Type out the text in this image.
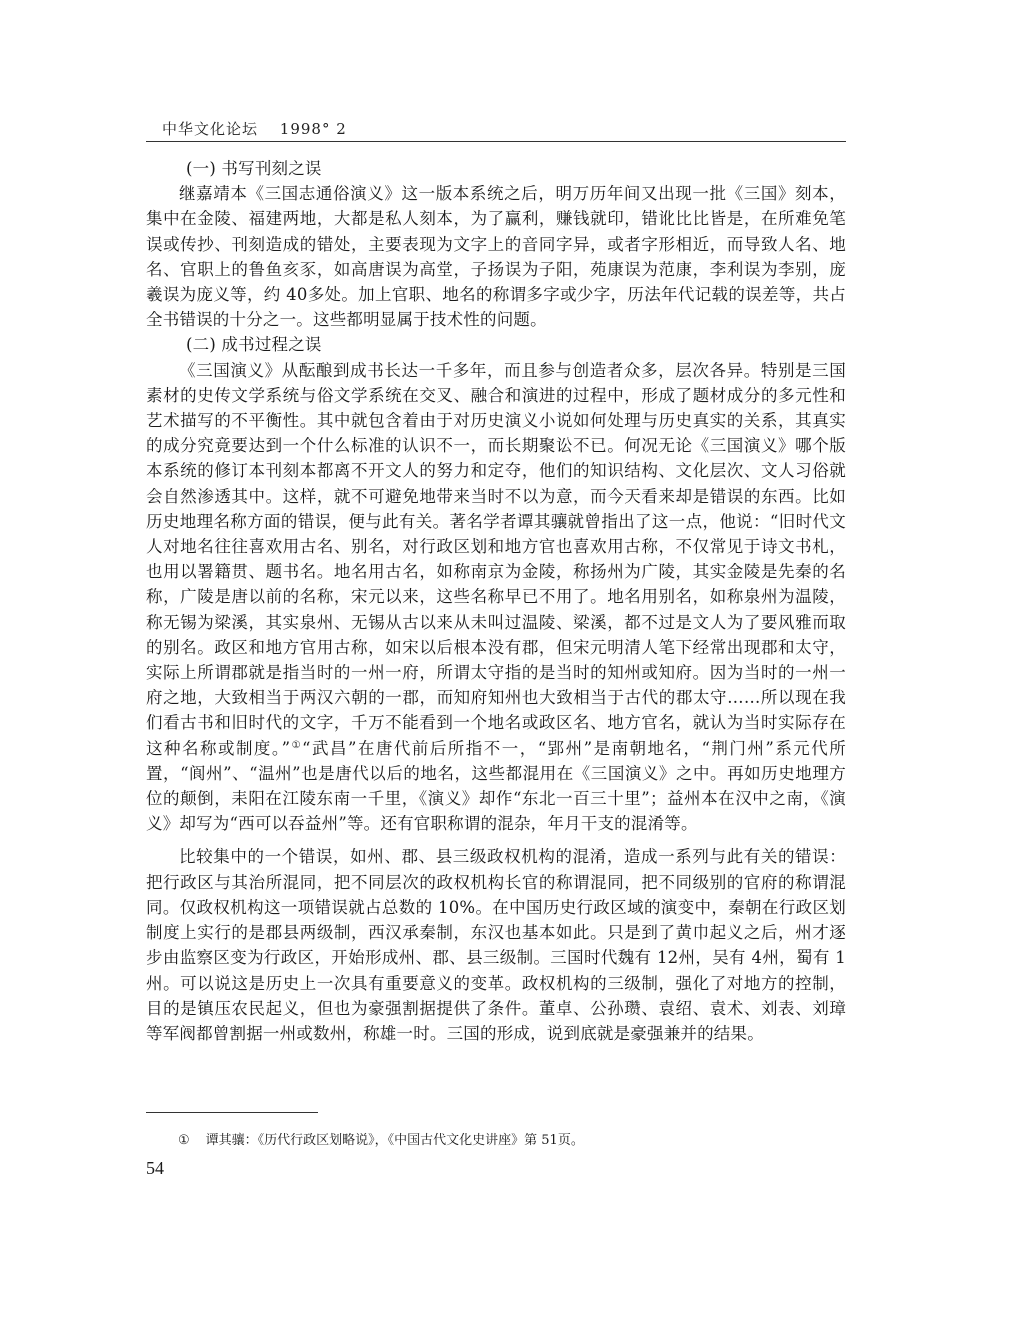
中华文化论坛 1998° 2

(一) 书写刊刻之误

继嘉靖本《三国志通俗演义》这一版本系统之后，明万历年间又出现一批《三国》刻本，集中在金陵、福建两地，大都是私人刻本，为了赢利，赚钱就印，错讹比比皆是，在所难免笔误或传抄、刊刻造成的错处，主要表现为文字上的音同字异，或者字形相近，而导致人名、地名、官职上的鲁鱼亥豕，如高唐误为高堂，子扬误为子阳，苑康误为范康，李利误为李别，庞羲误为庞义等，约 40多处。加上官职、地名的称谓多字或少字，历法年代记载的误差等，共占全书错误的十分之一。这些都明显属于技术性的问题。

(二) 成书过程之误

《三国演义》从酝酿到成书长达一千多年，而且参与创造者众多，层次各异。特别是三国素材的史传文学系统与俗文学系统在交叉、融合和演进的过程中，形成了题材成分的多元性和艺术描写的不平衡性。其中就包含着由于对历史演义小说如何处理与历史真实的关系，其真实的成分究竟要达到一个什么标准的认识不一，而长期聚讼不已。何况无论《三国演义》哪个版本系统的修订本刊刻本都离不开文人的努力和定夺，他们的知识结构、文化层次、文人习俗就会自然渗透其中。这样，就不可避免地带来当时不以为意，而今天看来却是错误的东西。比如历史地理名称方面的错误，便与此有关。著名学者谭其骧就曾指出了这一点，他说：“旧时代文人对地名往往喜欢用古名、别名，对行政区划和地方官也喜欢用古称，不仅常见于诗文书札，也用以署籍贯、题书名。地名用古名，如称南京为金陵，称扬州为广陵，其实金陵是先秦的名称，广陵是唐以前的名称，宋元以来，这些名称早已不用了。地名用别名，如称泉州为温陵，称无锡为梁溪，其实泉州、无锡从古以来从未叫过温陵、梁溪，都不过是文人为了要风雅而取的别名。政区和地方官用古称，如宋以后根本没有郡，但宋元明清人笔下经常出现郡和太守，实际上所谓郡就是指当时的一州一府，所谓太守指的是当时的知州或知府。因为当时的一州一府之地，大致相当于两汉六朝的一郡，而知府知州也大致相当于古代的郡太守……所以现在我们看古书和旧时代的文字，千万不能看到一个地名或政区名、地方官名，就认为当时实际存在这种名称或制度。”①“武昌”在唐代前后所指不一，“郢州”是南朝地名，“荆门州”系元代所置，“阆州”、“温州”也是唐代以后的地名，这些都混用在《三国演义》之中。再如历史地理方位的颠倒，耒阳在江陵东南一千里，《演义》却作“东北一百三十里”；益州本在汉中之南，《演义》却写为“西可以吞益州”等。还有官职称谓的混杂，年月干支的混淆等。

比较集中的一个错误，如州、郡、县三级政权机构的混淆，造成一系列与此有关的错误：把行政区与其治所混同，把不同层次的政权机构长官的称谓混同，把不同级别的官府的称谓混同。仅政权机构这一项错误就占总数的 10%。在中国历史行政区域的演变中，秦朝在行政区划制度上实行的是郡县两级制，西汉承秦制，东汉也基本如此。只是到了黄巾起义之后，州才逐步由监察区变为行政区，开始形成州、郡、县三级制。三国时代魏有 12州，吴有 4州，蜀有 1州。可以说这是历史上一次具有重要意义的变革。政权机构的三级制，强化了对地方的控制，目的是镇压农民起义，但也为豪强割据提供了条件。董卓、公孙瓒、袁绍、袁术、刘表、刘璋等军阀都曾割据一州或数州，称雄一时。三国的形成，说到底就是豪强兼并的结果。

① 谭其骧：《历代行政区划略说》，《中国古代文化史讲座》第 51页。
54
